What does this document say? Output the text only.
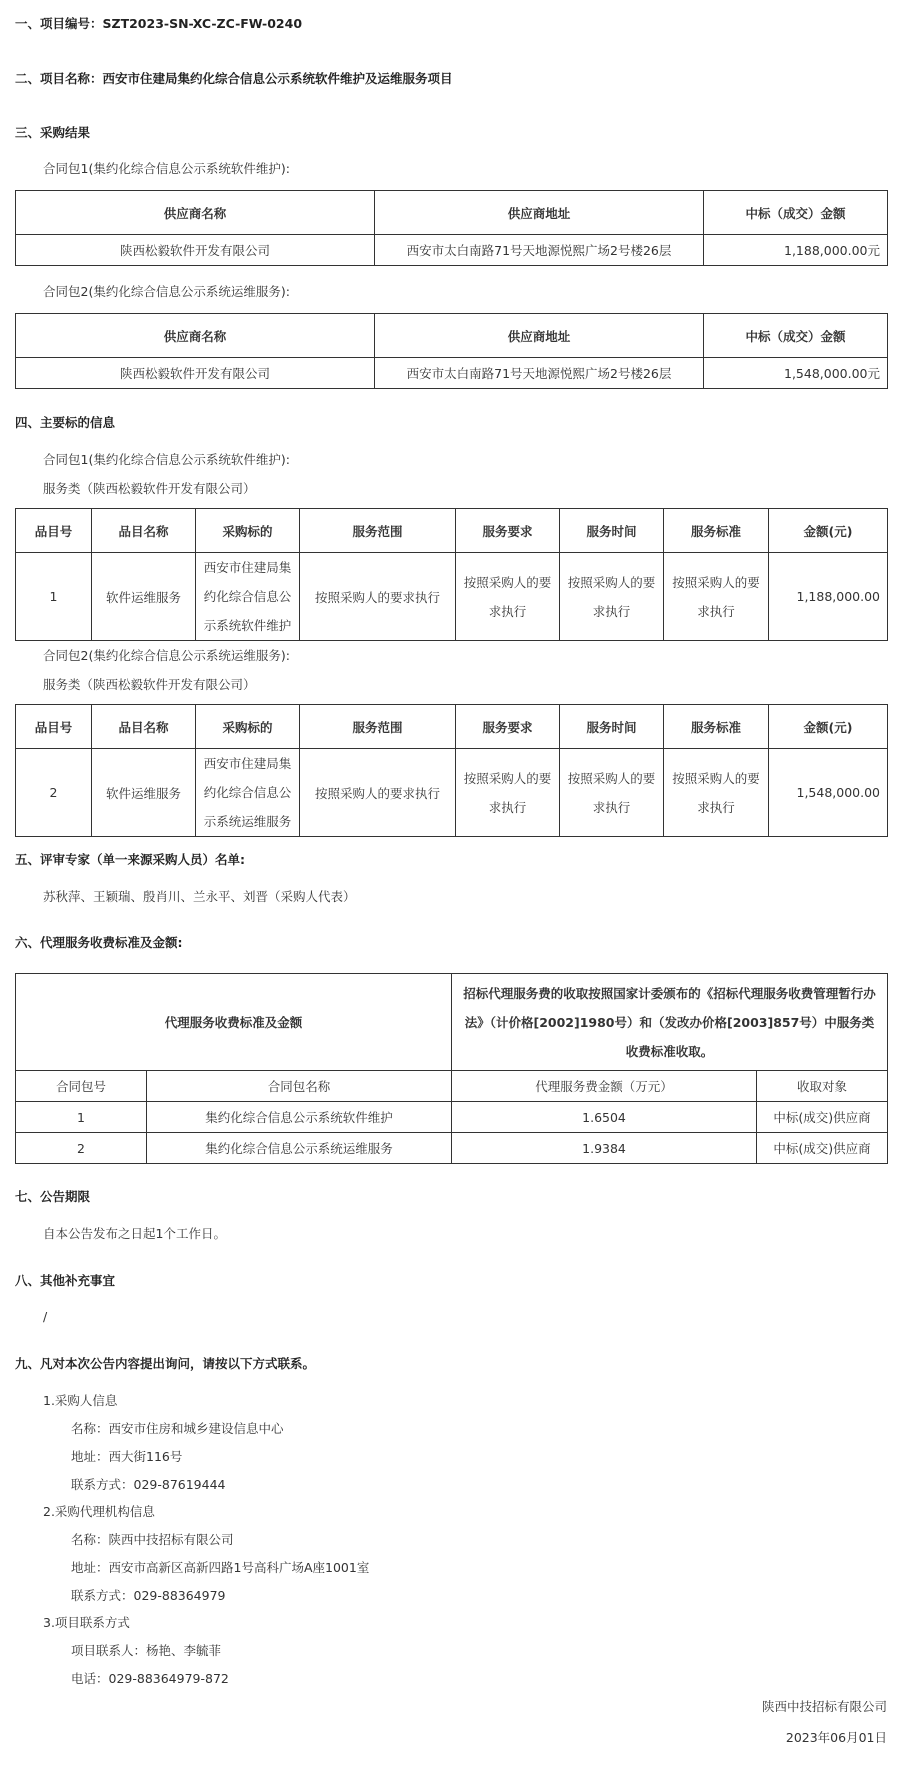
一、项目编号：SZT2023-SN-XC-ZC-FW-0240
二、项目名称：西安市住建局集约化综合信息公示系统软件维护及运维服务项目
三、采购结果
合同包1(集约化综合信息公示系统软件维护):
供应商名称	供应商地址	中标（成交）金额
陕西松毅软件开发有限公司	西安市太白南路71号天地源悦熙广场2号楼26层	1,188,000.00元
合同包2(集约化综合信息公示系统运维服务):
供应商名称	供应商地址	中标（成交）金额
陕西松毅软件开发有限公司	西安市太白南路71号天地源悦熙广场2号楼26层	1,548,000.00元
四、主要标的信息
合同包1(集约化综合信息公示系统软件维护):
服务类（陕西松毅软件开发有限公司）
品目号	品目名称	采购标的	服务范围	服务要求	服务时间	服务标准	金额(元)
1	软件运维服务	西安市住建局集约化综合信息公示系统软件维护	按照采购人的要求执行	按照采购人的要求执行	按照采购人的要求执行	按照采购人的要求执行	1,188,000.00
合同包2(集约化综合信息公示系统运维服务):
服务类（陕西松毅软件开发有限公司）
品目号	品目名称	采购标的	服务范围	服务要求	服务时间	服务标准	金额(元)
2	软件运维服务	西安市住建局集约化综合信息公示系统运维服务	按照采购人的要求执行	按照采购人的要求执行	按照采购人的要求执行	按照采购人的要求执行	1,548,000.00
五、评审专家（单一来源采购人员）名单:
苏秋萍、王颖瑞、殷肖川、兰永平、刘晋（采购人代表）
六、代理服务收费标准及金额:
代理服务收费标准及金额		招标代理服务费的收取按照国家计委颁布的《招标代理服务收费管理暂行办法》（计价格[2002]1980号）和（发改办价格[2003]857号）中服务类收费标准收取。	
合同包号	合同包名称	代理服务费金额（万元）	收取对象
1	集约化综合信息公示系统软件维护	1.6504	中标(成交)供应商
2	集约化综合信息公示系统运维服务	1.9384	中标(成交)供应商
七、公告期限
自本公告发布之日起1个工作日。
八、其他补充事宜
/
九、凡对本次公告内容提出询问，请按以下方式联系。
1.采购人信息
名称：西安市住房和城乡建设信息中心
地址：西大街116号
联系方式：029-87619444
2.采购代理机构信息
名称：陕西中技招标有限公司
地址：西安市高新区高新四路1号高科广场A座1001室
联系方式：029-88364979
3.项目联系方式
项目联系人：杨艳、李毓菲
电话：029-88364979-872
陕西中技招标有限公司
2023年06月01日
